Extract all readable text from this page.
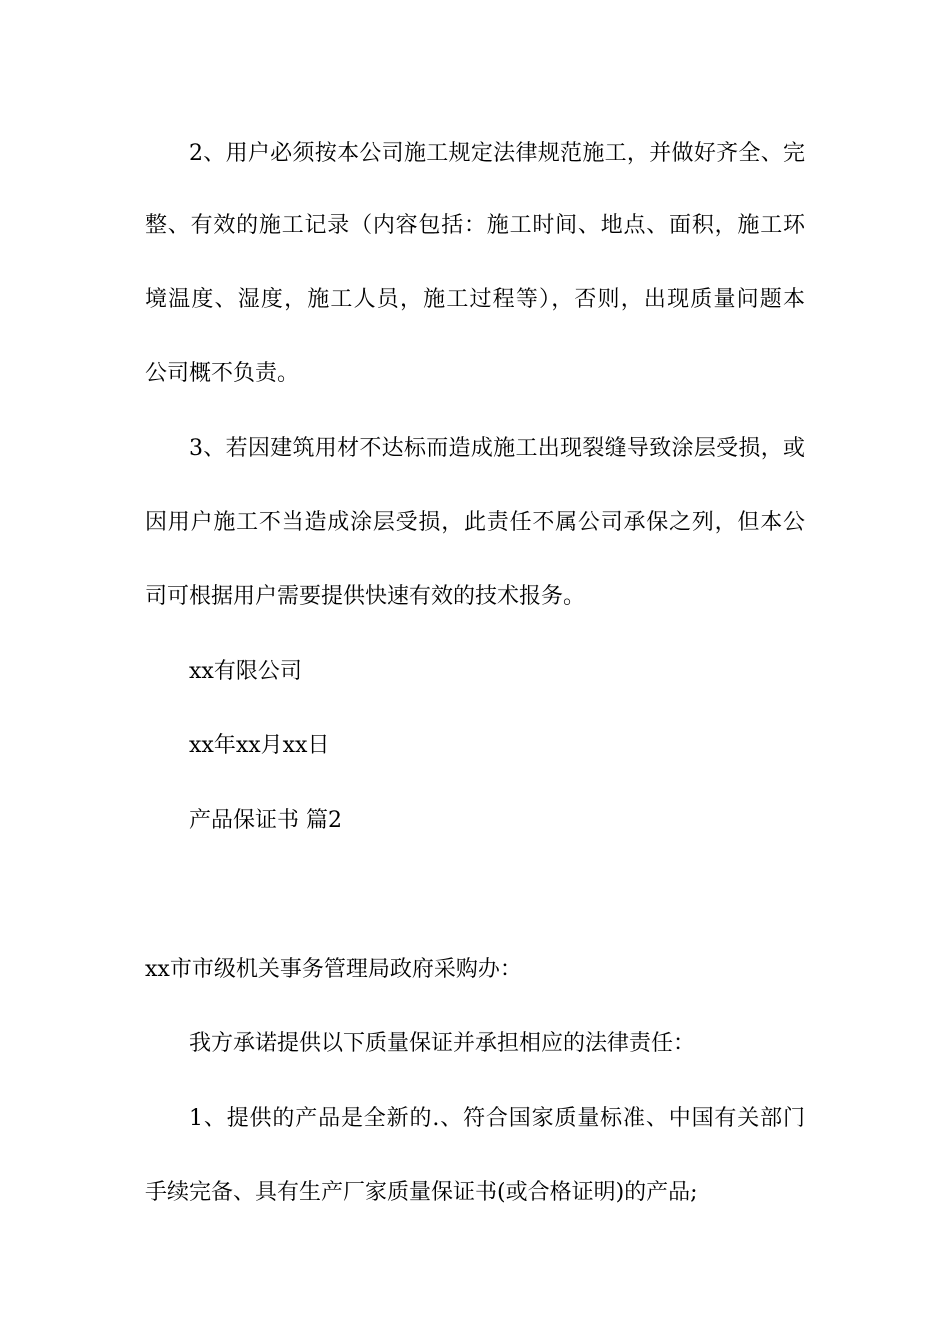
2、用户必须按本公司施工规定法律规范施工，并做好齐全、完
整、有效的施工记录（内容包括：施工时间、地点、面积，施工环
境温度、湿度，施工人员，施工过程等），否则，出现质量问题本
公司概不负责。
3、若因建筑用材不达标而造成施工出现裂缝导致涂层受损，或
因用户施工不当造成涂层受损，此责任不属公司承保之列，但本公
司可根据用户需要提供快速有效的技术报务。
xx有限公司
xx年xx月xx日
产品保证书 篇2
xx市市级机关事务管理局政府采购办：
我方承诺提供以下质量保证并承担相应的法律责任：
1、提供的产品是全新的.、符合国家质量标准、中国有关部门
手续完备、具有生产厂家质量保证书(或合格证明)的产品;
